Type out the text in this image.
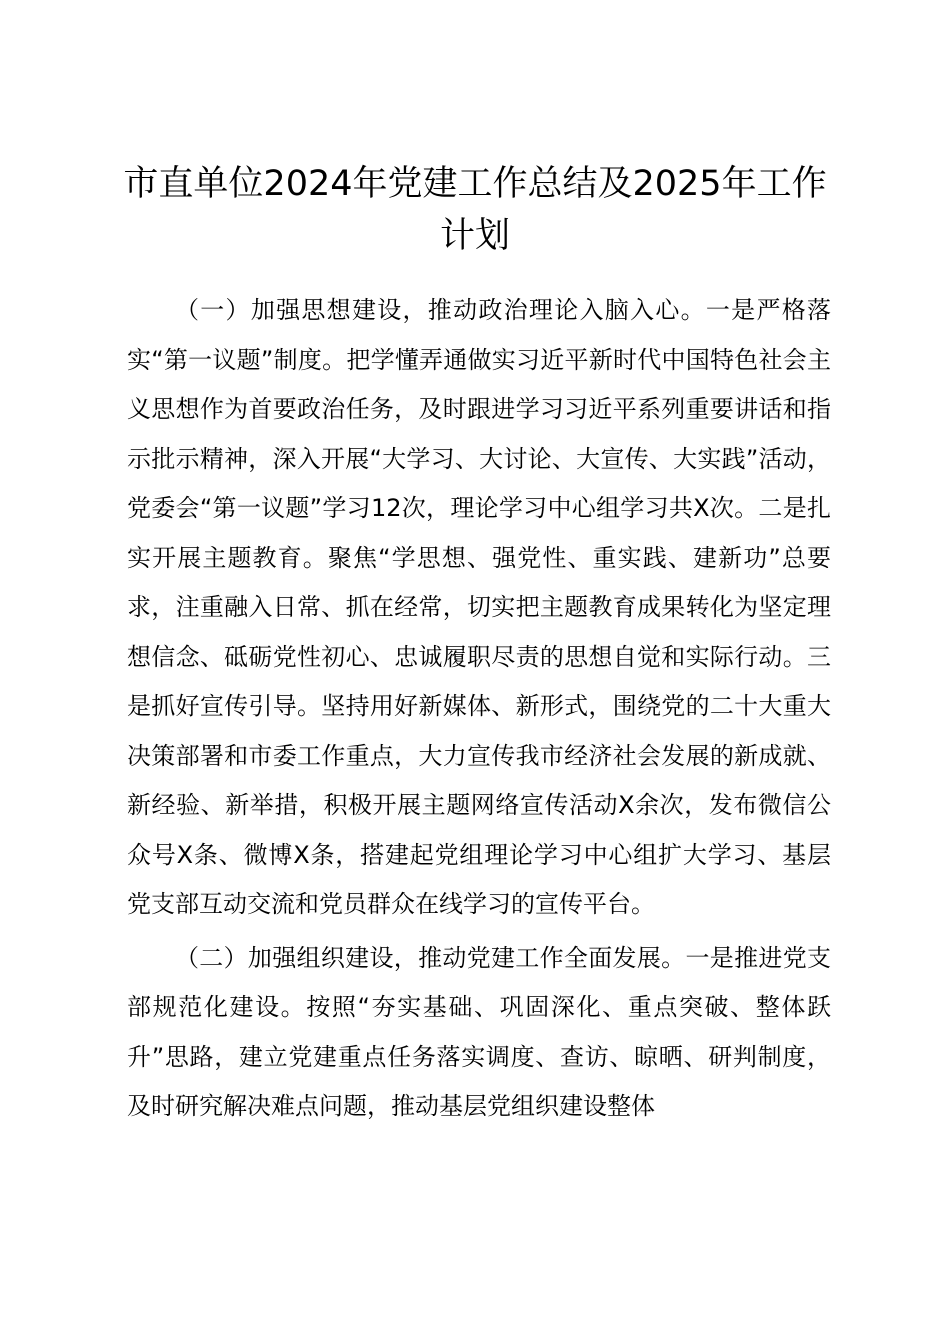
市直单位2024年党建工作总结及2025年工作计划

（一）加强思想建设，推动政治理论入脑入心。一是严格落实“第一议题”制度。把学懂弄通做实习近平新时代中国特色社会主义思想作为首要政治任务，及时跟进学习习近平系列重要讲话和指示批示精神，深入开展“大学习、大讨论、大宣传、大实践”活动，党委会“第一议题”学习12次，理论学习中心组学习共X次。二是扎实开展主题教育。聚焦“学思想、强党性、重实践、建新功”总要求，注重融入日常、抓在经常，切实把主题教育成果转化为坚定理想信念、砥砺党性初心、忠诚履职尽责的思想自觉和实际行动。三是抓好宣传引导。坚持用好新媒体、新形式，围绕党的二十大重大决策部署和市委工作重点，大力宣传我市经济社会发展的新成就、新经验、新举措，积极开展主题网络宣传活动X余次，发布微信公众号X条、微博X条，搭建起党组理论学习中心组扩大学习、基层党支部互动交流和党员群众在线学习的宣传平台。

（二）加强组织建设，推动党建工作全面发展。一是推进党支部规范化建设。按照“夯实基础、巩固深化、重点突破、整体跃升”思路，建立党建重点任务落实调度、查访、晾晒、研判制度，及时研究解决难点问题，推动基层党组织建设整体
